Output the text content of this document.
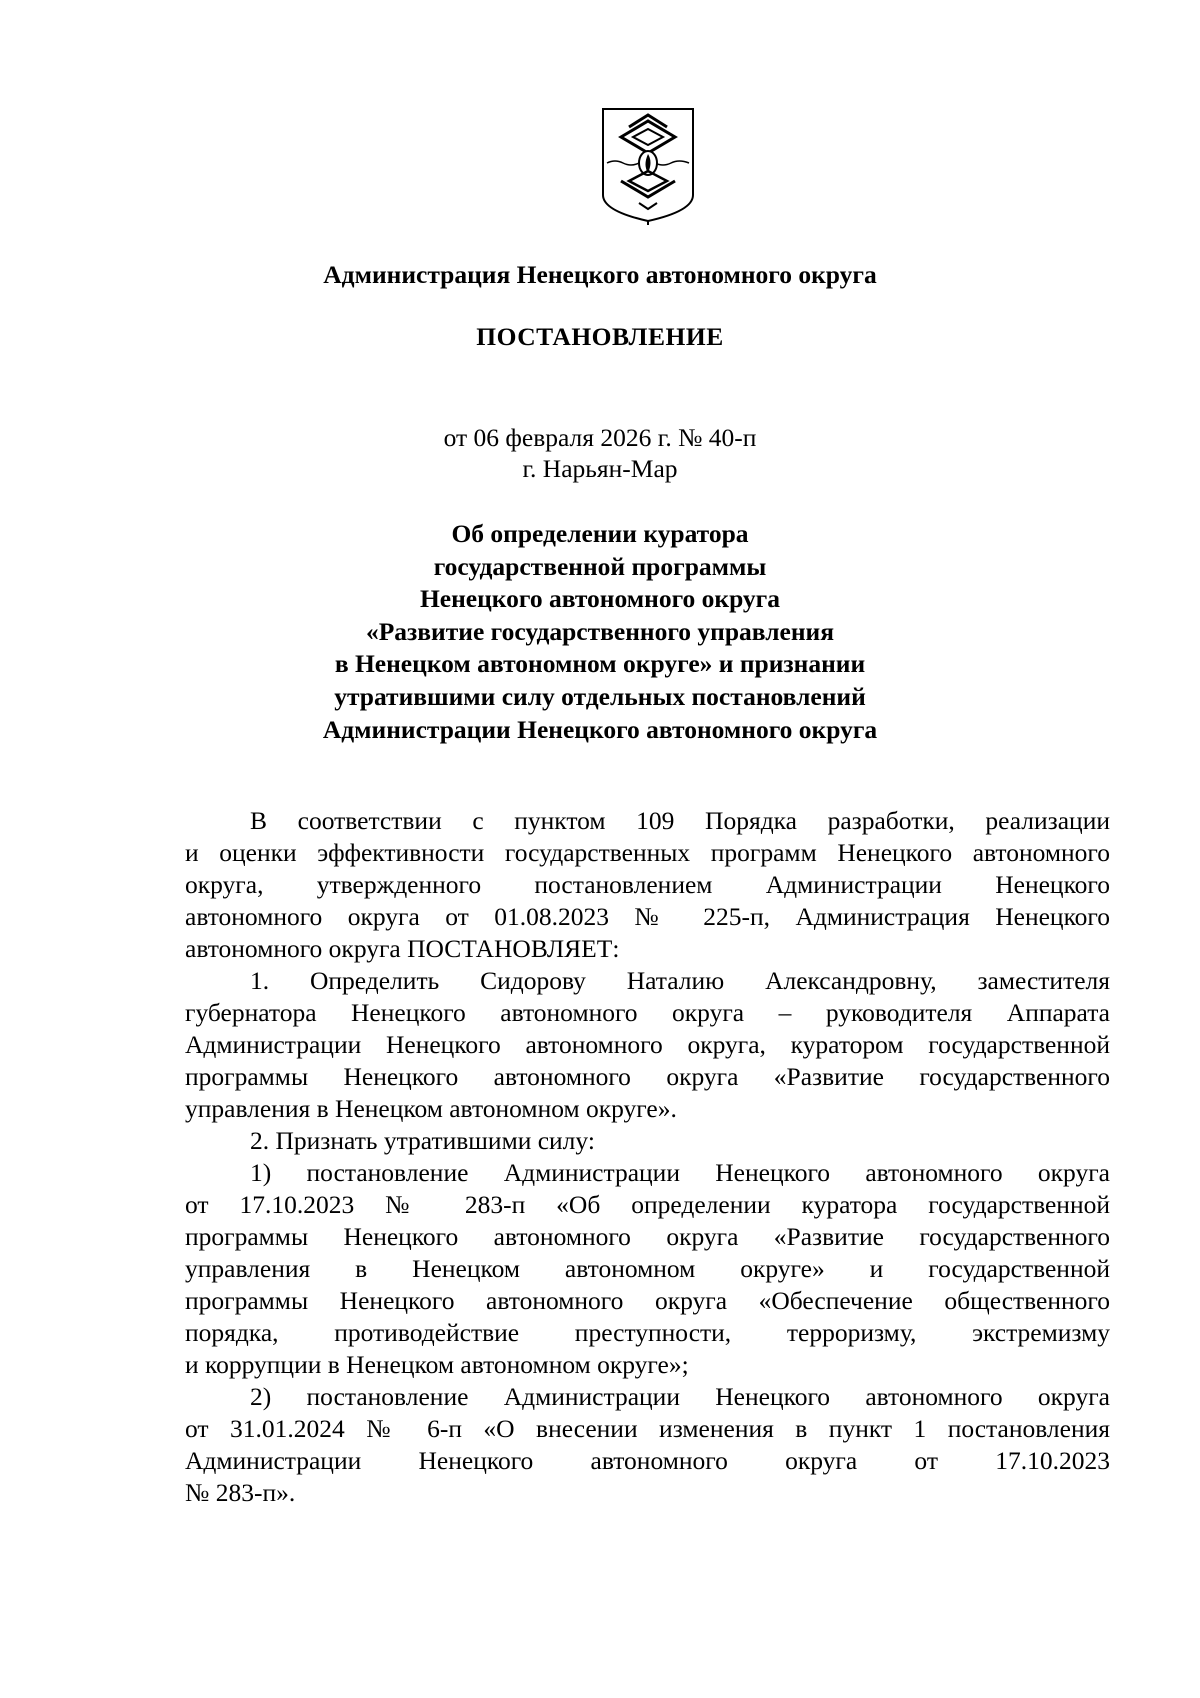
Администрация Ненецкого автономного округа
ПОСТАНОВЛЕНИЕ
от 06 февраля 2026 г. № 40-п
г. Нарьян-Мар
Об определении куратора
государственной программы
Ненецкого автономного округа
«Развитие государственного управления
в Ненецком автономном округе» и признании
утратившими силу отдельных постановлений
Администрации Ненецкого автономного округа
В соответствии с пунктом 109 Порядка разработки, реализации
и оценки эффективности государственных программ Ненецкого автономного
округа, утвержденного постановлением Администрации Ненецкого
автономного округа от 01.08.2023 № 225-п, Администрация Ненецкого
автономного округа ПОСТАНОВЛЯЕТ:
1. Определить Сидорову Наталию Александровну, заместителя
губернатора Ненецкого автономного округа – руководителя Аппарата
Администрации Ненецкого автономного округа, куратором государственной
программы Ненецкого автономного округа «Развитие государственного
управления в Ненецком автономном округе».
2. Признать утратившими силу:
1) постановление Администрации Ненецкого автономного округа
от 17.10.2023 № 283-п «Об определении куратора государственной
программы Ненецкого автономного округа «Развитие государственного
управления в Ненецком автономном округе» и государственной
программы Ненецкого автономного округа «Обеспечение общественного
порядка, противодействие преступности, терроризму, экстремизму
и коррупции в Ненецком автономном округе»;
2) постановление Администрации Ненецкого автономного округа
от 31.01.2024 № 6-п «О внесении изменения в пункт 1 постановления
Администрации Ненецкого автономного округа от 17.10.2023
№ 283-п».
